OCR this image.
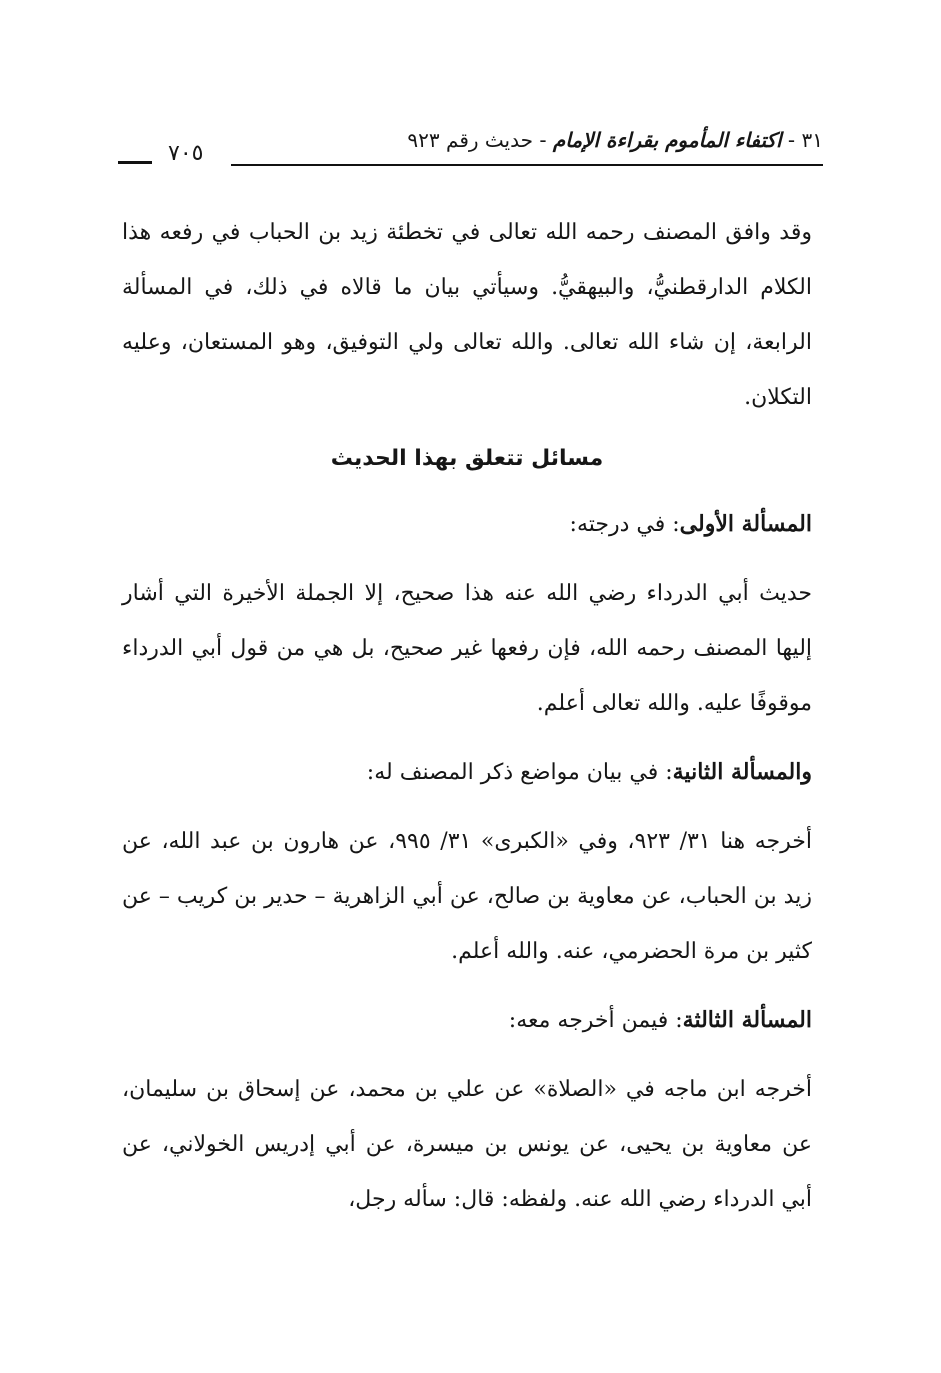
٣١ - اكتفاء المأموم بقراءة الإمام - حديث رقم ٩٢٣
٧٠٥

وقد وافق المصنف رحمه الله تعالى في تخطئة زيد بن الحباب في رفعه هذا الكلام الدارقطنيُّ، والبيهقيُّ. وسيأتي بيان ما قالاه في ذلك، في المسألة الرابعة، إن شاء الله تعالى. والله تعالى ولي التوفيق، وهو المستعان، وعليه التكلان.

مسائل تتعلق بهذا الحديث

المسألة الأولى: في درجته:

حديث أبي الدرداء رضي الله عنه هذا صحيح، إلا الجملة الأخيرة التي أشار إليها المصنف رحمه الله، فإن رفعها غير صحيح، بل هي من قول أبي الدرداء موقوفًا عليه. والله تعالى أعلم.

والمسألة الثانية: في بيان مواضع ذكر المصنف له:

أخرجه هنا ٣١/ ٩٢٣، وفي «الكبرى» ٣١/ ٩٩٥، عن هارون بن عبد الله، عن زيد بن الحباب، عن معاوية بن صالح، عن أبي الزاهرية – حدير بن كريب – عن كثير بن مرة الحضرمي، عنه. والله أعلم.

المسألة الثالثة: فيمن أخرجه معه:

أخرجه ابن ماجه في «الصلاة» عن علي بن محمد، عن إسحاق بن سليمان، عن معاوية بن يحيى، عن يونس بن ميسرة، عن أبي إدريس الخولاني، عن أبي الدرداء رضي الله عنه. ولفظه: قال: سأله رجل،
